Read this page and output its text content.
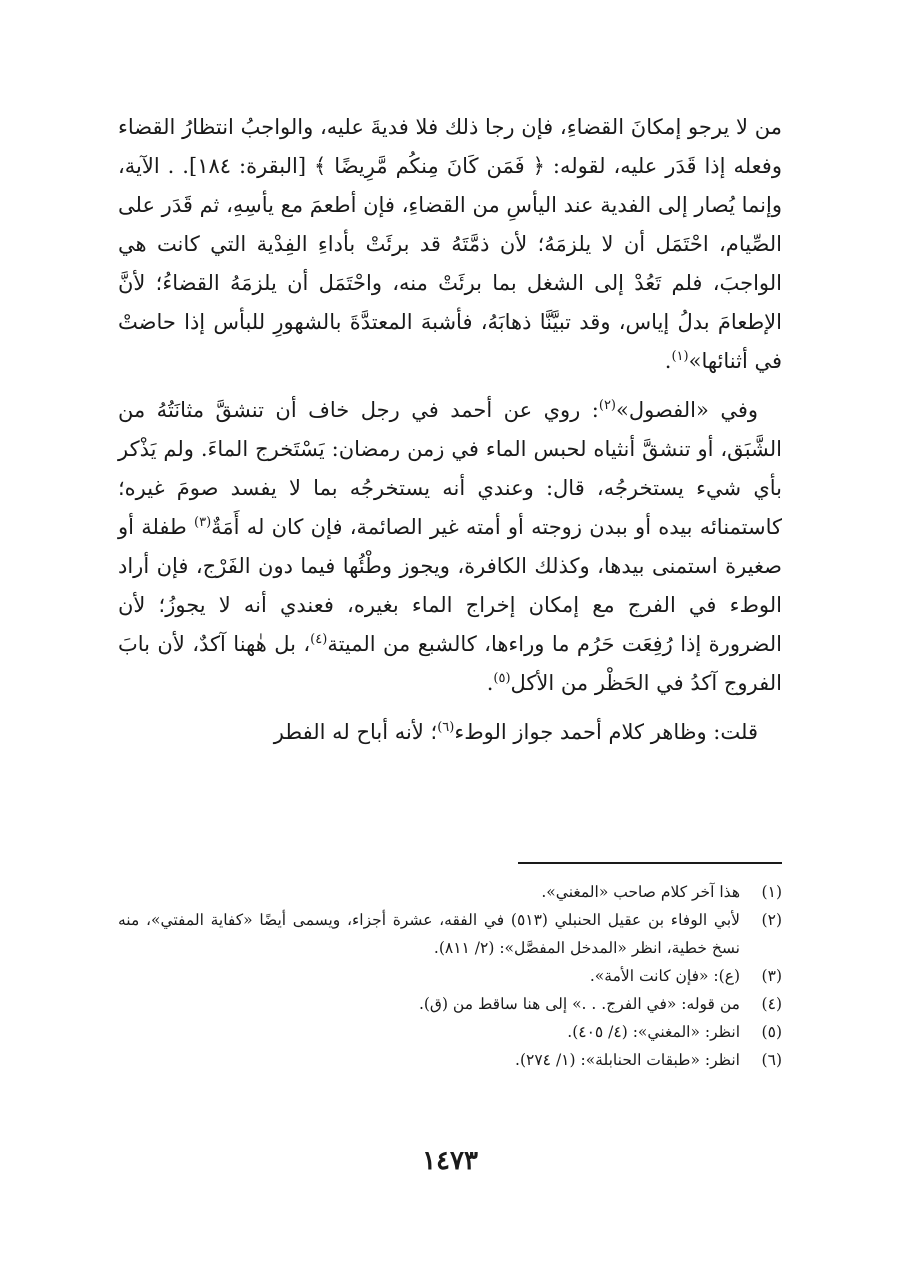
من لا يرجو إمكانَ القضاءِ، فإن رجا ذلك فلا فديةَ عليه، والواجبُ انتظارُ القضاء وفعله إذا قَدَر عليه، لقوله: ﴿ فَمَن كَانَ مِنكُم مَّرِيضًا ﴾ [البقرة: ١٨٤]. . الآية، وإنما يُصار إلى الفدية عند اليأسِ من القضاءِ، فإن أطعمَ مع يأسِهِ، ثم قَدَر على الصِّيام، احْتَمَل أن لا يلزمَهُ؛ لأن ذمَّتَهُ قد برئَتْ بأداءِ الفِدْية التي كانت هي الواجبَ، فلم تَعُدْ إلى الشغل بما برئَتْ منه، واحْتَمَل أن يلزمَهُ القضاءُ؛ لأنَّ الإطعامَ بدلُ إياس، وقد تبيَّنَّا ذهابَهُ، فأشبهَ المعتدَّةَ بالشهورِ للبأس إذا حاضتْ في أثنائها»$^{(١)}$.

وفي «الفصول»$^{(٢)}$: روي عن أحمد في رجل خاف أن تنشقَّ مثانَتُهُ من الشَّبَق، أو تنشقَّ أنثياه لحبس الماء في زمن رمضان: يَسْتَخرج الماءَ. ولم يَذْكر بأي شيء يستخرجُه، قال: وعندي أنه يستخرجُه بما لا يفسد صومَ غيره؛ كاستمنائه بيده أو ببدن زوجته أو أمته غير الصائمة، فإن كان له أَمَةٌ$^{(٣)}$ طفلة أو صغيرة استمنى بيدها، وكذلك الكافرة، ويجوز وطْئُها فيما دون الفَرْج، فإن أراد الوطء في الفرج مع إمكان إخراج الماء بغيره، فعندي أنه لا يجوزُ؛ لأن الضرورة إذا رُفِعَت حَرُم ما وراءها، كالشبع من الميتة$^{(٤)}$، بل هٰهنا آكدٌ، لأن بابَ الفروج آكدُ في الحَظْر من الأكل$^{(٥)}$.

قلت: وظاهر كلام أحمد جواز الوطء$^{(٦)}$؛ لأنه أباح له الفطر

(١)
هذا آخر كلام صاحب «المغني».
(٢)
لأبي الوفاء بن عقيل الحنبلي (٥١٣) في الفقه، عشرة أجزاء، ويسمى أيضًا «كفاية المفتي»، منه نسخ خطية، انظر «المدخل المفصَّل»: (٢/ ٨١١).
(٣)
(ع): «فإن كانت الأمة».
(٤)
من قوله: «في الفرج. . .» إلى هنا ساقط من (ق).
(٥)
انظر: «المغني»: (٤/ ٤٠٥).
(٦)
انظر: «طبقات الحنابلة»: (١/ ٢٧٤).
١٤٧٣
